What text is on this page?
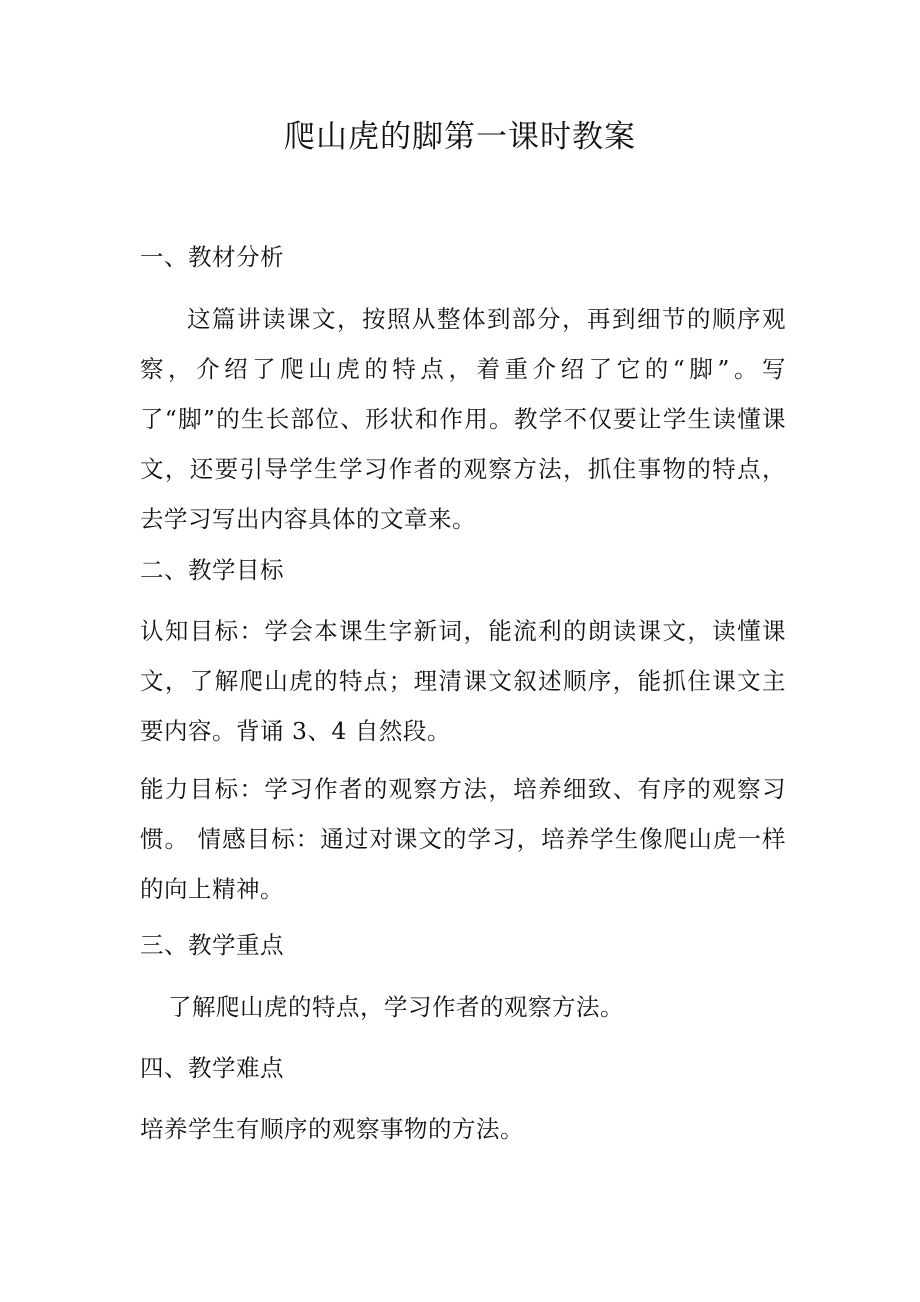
爬山虎的脚第一课时教案

一、教材分析

这篇讲读课文，按照从整体到部分，再到细节的顺序观察，介绍了爬山虎的特点，着重介绍了它的“脚”。写了“脚”的生长部位、形状和作用。教学不仅要让学生读懂课文，还要引导学生学习作者的观察方法，抓住事物的特点，去学习写出内容具体的文章来。

二、教学目标

认知目标：学会本课生字新词，能流利的朗读课文，读懂课文，了解爬山虎的特点；理清课文叙述顺序，能抓住课文主要内容。背诵 3、4 自然段。

能力目标：学习作者的观察方法，培养细致、有序的观察习惯。 情感目标：通过对课文的学习，培养学生像爬山虎一样的向上精神。

三、教学重点

了解爬山虎的特点，学习作者的观察方法。

四、教学难点

培养学生有顺序的观察事物的方法。
